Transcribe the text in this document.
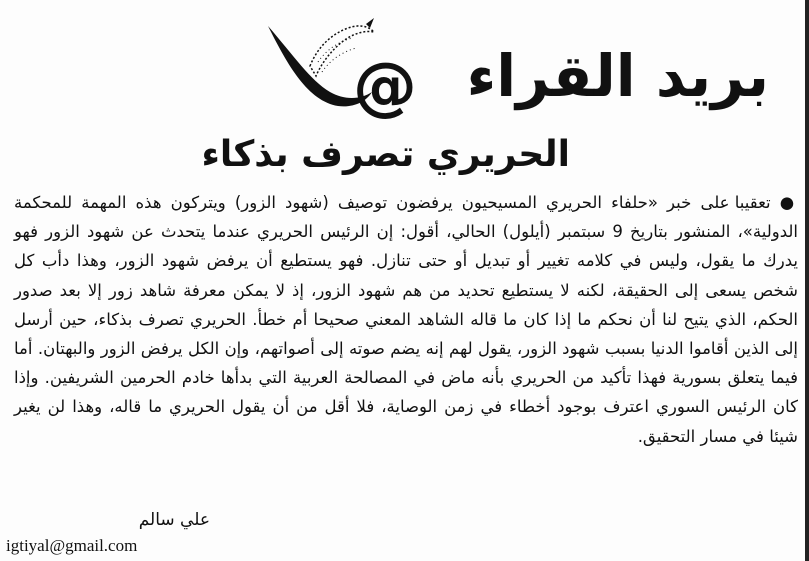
@ بريد القراء
الحريري تصرف بذكاء
● تعقيبا على خبر «حلفاء الحريري المسيحيون يرفضون توصيف (شهود الزور) ويتركون هذه المهمة للمحكمة الدولية»، المنشور بتاريخ 9 سبتمبر (أيلول) الحالي، أقول: إن الرئيس الحريري عندما يتحدث عن شهود الزور فهو يدرك ما يقول، وليس في كلامه تغيير أو تبديل أو حتى تنازل. فهو يستطيع أن يرفض شهود الزور، وهذا دأب كل شخص يسعى إلى الحقيقة، لكنه لا يستطيع تحديد من هم شهود الزور، إذ لا يمكن معرفة شاهد زور إلا بعد صدور الحكم، الذي يتيح لنا أن نحكم ما إذا كان ما قاله الشاهد المعني صحيحا أم خطأ. الحريري تصرف بذكاء، حين أرسل إلى الذين أقاموا الدنيا بسبب شهود الزور، يقول لهم إنه يضم صوته إلى أصواتهم، وإن الكل يرفض الزور والبهتان. أما فيما يتعلق بسورية فهذا تأكيد من الحريري بأنه ماض في المصالحة العربية التي بدأها خادم الحرمين الشريفين. وإذا كان الرئيس السوري اعترف بوجود أخطاء في زمن الوصاية، فلا أقل من أن يقول الحريري ما قاله، وهذا لن يغير شيئا في مسار التحقيق.
علي سالم
igtiyal@gmail.com
